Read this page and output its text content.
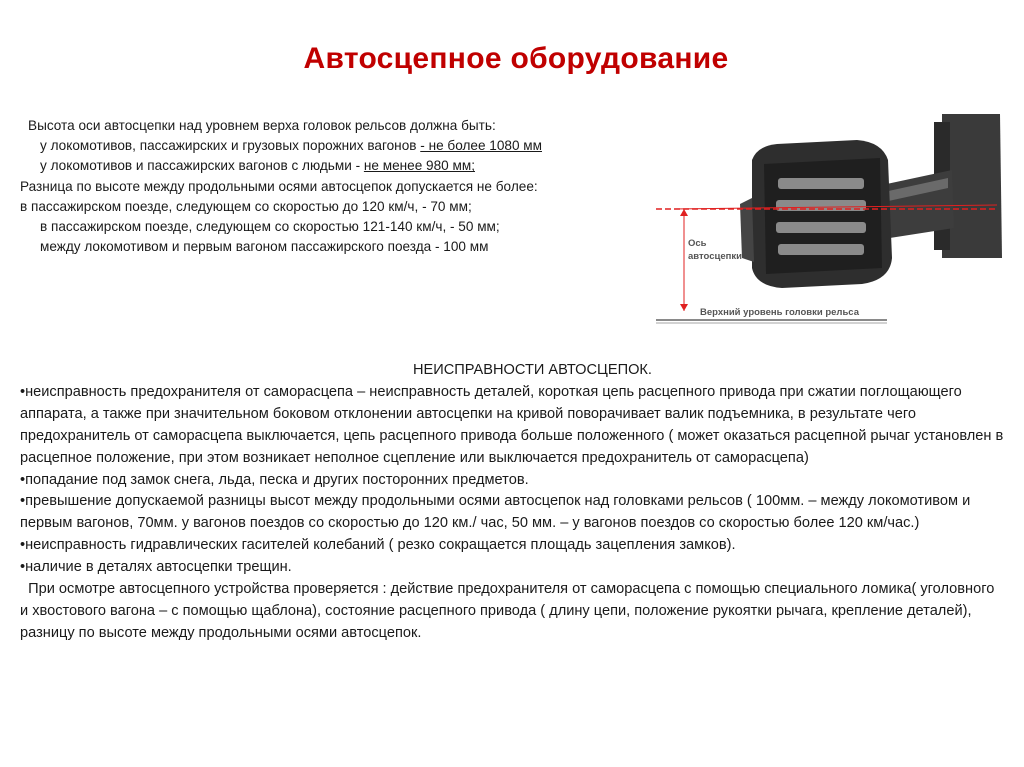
Автосцепное оборудование
Высота оси автосцепки над уровнем верха головок рельсов должна быть:
у локомотивов, пассажирских и грузовых порожних вагонов - не более 1080 мм
у локомотивов и пассажирских вагонов с людьми - не менее 980 мм;
Разница по высоте между продольными осями автосцепок допускается не более:
в пассажирском поезде, следующем со скоростью до 120 км/ч, - 70 мм;
в пассажирском поезде, следующем со скоростью 121-140 км/ч, - 50 мм;
между локомотивом и первым вагоном пассажирского поезда - 100 мм	Ось
автосцепки
Верхний уровень головки рельса
НЕИСПРАВНОСТИ АВТОСЦЕПОК.

•неисправность предохранителя от саморасцепа – неисправность деталей, короткая цепь расцепного привода при сжатии поглощающего аппарата, а также при значительном боковом отклонении автосцепки на кривой поворачивает валик подъемника, в результате чего предохранитель от саморасцепа выключается, цепь расцепного привода больше положенного ( может оказаться расцепной рычаг установлен в расцепное положение, при этом возникает неполное сцепление или выключается предохранитель от саморасцепа)

•попадание под замок снега, льда, песка и других посторонних предметов.

•превышение допускаемой разницы высот между продольными осями автосцепок над головками рельсов ( 100мм. – между локомотивом и первым вагонов, 70мм. у вагонов поездов со скоростью до 120 км./ час, 50 мм. – у вагонов поездов со скоростью более 120 км/час.)

•неисправность гидравлических гасителей колебаний ( резко сокращается площадь зацепления замков).

•наличие в деталях автосцепки трещин.

При осмотре автосцепного устройства проверяется : действие предохранителя от саморасцепа с помощью специального ломика( уголовного и хвостового вагона – с помощью щаблона), состояние расцепного привода ( длину цепи, положение рукоятки рычага, крепление деталей), разницу по высоте между продольными осями автосцепок.
